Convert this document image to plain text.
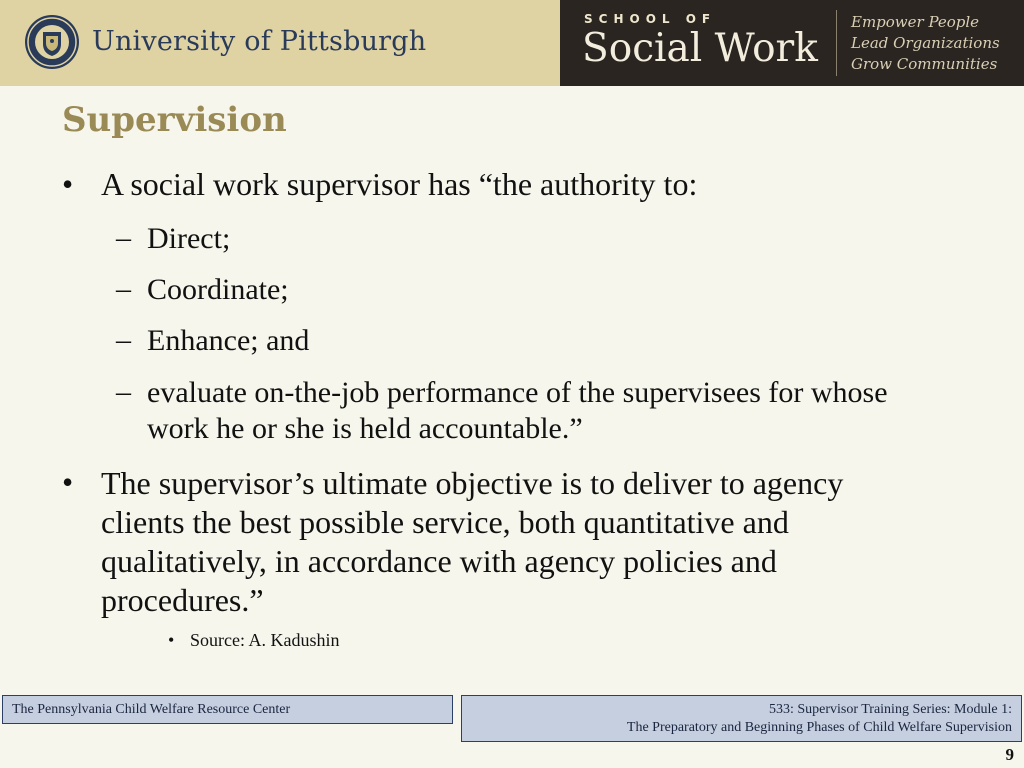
University of Pittsburgh
SCHOOL OF
Social Work
Empower People
Lead Organizations
Grow Communities
Supervision
• A social work supervisor has “the authority to:
– Direct;
– Coordinate;
– Enhance; and
– evaluate on-the-job performance of the supervisees for whose work he or she is held accountable.”
• The supervisor’s ultimate objective is to deliver to agency clients the best possible service, both quantitative and qualitatively, in accordance with agency policies and procedures.”
• Source: A. Kadushin
The Pennsylvania Child Welfare Resource Center	533: Supervisor Training Series: Module 1:
The Preparatory and Beginning Phases of Child Welfare Supervision
9
